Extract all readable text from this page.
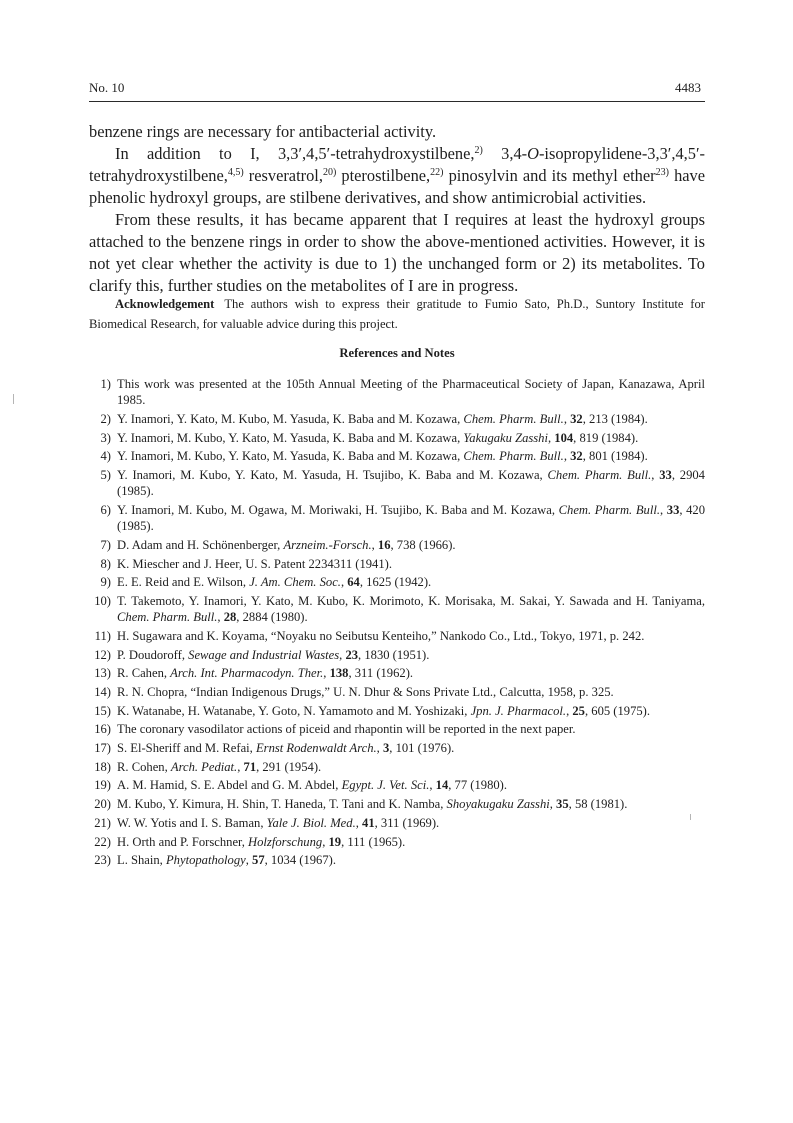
No. 10	4483

benzene rings are necessary for antibacterial activity.

In addition to I, 3,3′,4,5′-tetrahydroxystilbene,$^{2)}$ 3,4-O-isopropylidene-3,3′,4,5′-tetrahydroxystilbene,$^{4,5)}$ resveratrol,$^{20)}$ pterostilbene,$^{22)}$ pinosylvin and its methyl ether$^{23)}$ have phenolic hydroxyl groups, are stilbene derivatives, and show antimicrobial activities.

From these results, it has became apparent that I requires at least the hydroxyl groups attached to the benzene rings in order to show the above-mentioned activities. However, it is not yet clear whether the activity is due to 1) the unchanged form or 2) its metabolites. To clarify this, further studies on the metabolites of I are in progress.

Acknowledgement The authors wish to express their gratitude to Fumio Sato, Ph.D., Suntory Institute for Biomedical Research, for valuable advice during this project.
References and Notes
1) This work was presented at the 105th Annual Meeting of the Pharmaceutical Society of Japan, Kanazawa, April 1985.
2) Y. Inamori, Y. Kato, M. Kubo, M. Yasuda, K. Baba and M. Kozawa, Chem. Pharm. Bull., 32, 213 (1984).
3) Y. Inamori, M. Kubo, Y. Kato, M. Yasuda, K. Baba and M. Kozawa, Yakugaku Zasshi, 104, 819 (1984).
4) Y. Inamori, M. Kubo, Y. Kato, M. Yasuda, K. Baba and M. Kozawa, Chem. Pharm. Bull., 32, 801 (1984).
5) Y. Inamori, M. Kubo, Y. Kato, M. Yasuda, H. Tsujibo, K. Baba and M. Kozawa, Chem. Pharm. Bull., 33, 2904 (1985).
6) Y. Inamori, M. Kubo, M. Ogawa, M. Moriwaki, H. Tsujibo, K. Baba and M. Kozawa, Chem. Pharm. Bull., 33, 420 (1985).
7) D. Adam and H. Schönenberger, Arzneim.-Forsch., 16, 738 (1966).
8) K. Miescher and J. Heer, U. S. Patent 2234311 (1941).
9) E. E. Reid and E. Wilson, J. Am. Chem. Soc., 64, 1625 (1942).
10) T. Takemoto, Y. Inamori, Y. Kato, M. Kubo, K. Morimoto, K. Morisaka, M. Sakai, Y. Sawada and H. Taniyama, Chem. Pharm. Bull., 28, 2884 (1980).
11) H. Sugawara and K. Koyama, “Noyaku no Seibutsu Kenteiho,” Nankodo Co., Ltd., Tokyo, 1971, p. 242.
12) P. Doudoroff, Sewage and Industrial Wastes, 23, 1830 (1951).
13) R. Cahen, Arch. Int. Pharmacodyn. Ther., 138, 311 (1962).
14) R. N. Chopra, “Indian Indigenous Drugs,” U. N. Dhur & Sons Private Ltd., Calcutta, 1958, p. 325.
15) K. Watanabe, H. Watanabe, Y. Goto, N. Yamamoto and M. Yoshizaki, Jpn. J. Pharmacol., 25, 605 (1975).
16) The coronary vasodilator actions of piceid and rhapontin will be reported in the next paper.
17) S. El-Sheriff and M. Refai, Ernst Rodenwaldt Arch., 3, 101 (1976).
18) R. Cohen, Arch. Pediat., 71, 291 (1954).
19) A. M. Hamid, S. E. Abdel and G. M. Abdel, Egypt. J. Vet. Sci., 14, 77 (1980).
20) M. Kubo, Y. Kimura, H. Shin, T. Haneda, T. Tani and K. Namba, Shoyakugaku Zasshi, 35, 58 (1981).
21) W. W. Yotis and I. S. Baman, Yale J. Biol. Med., 41, 311 (1969).
22) H. Orth and P. Forschner, Holzforschung, 19, 111 (1965).
23) L. Shain, Phytopathology, 57, 1034 (1967).
